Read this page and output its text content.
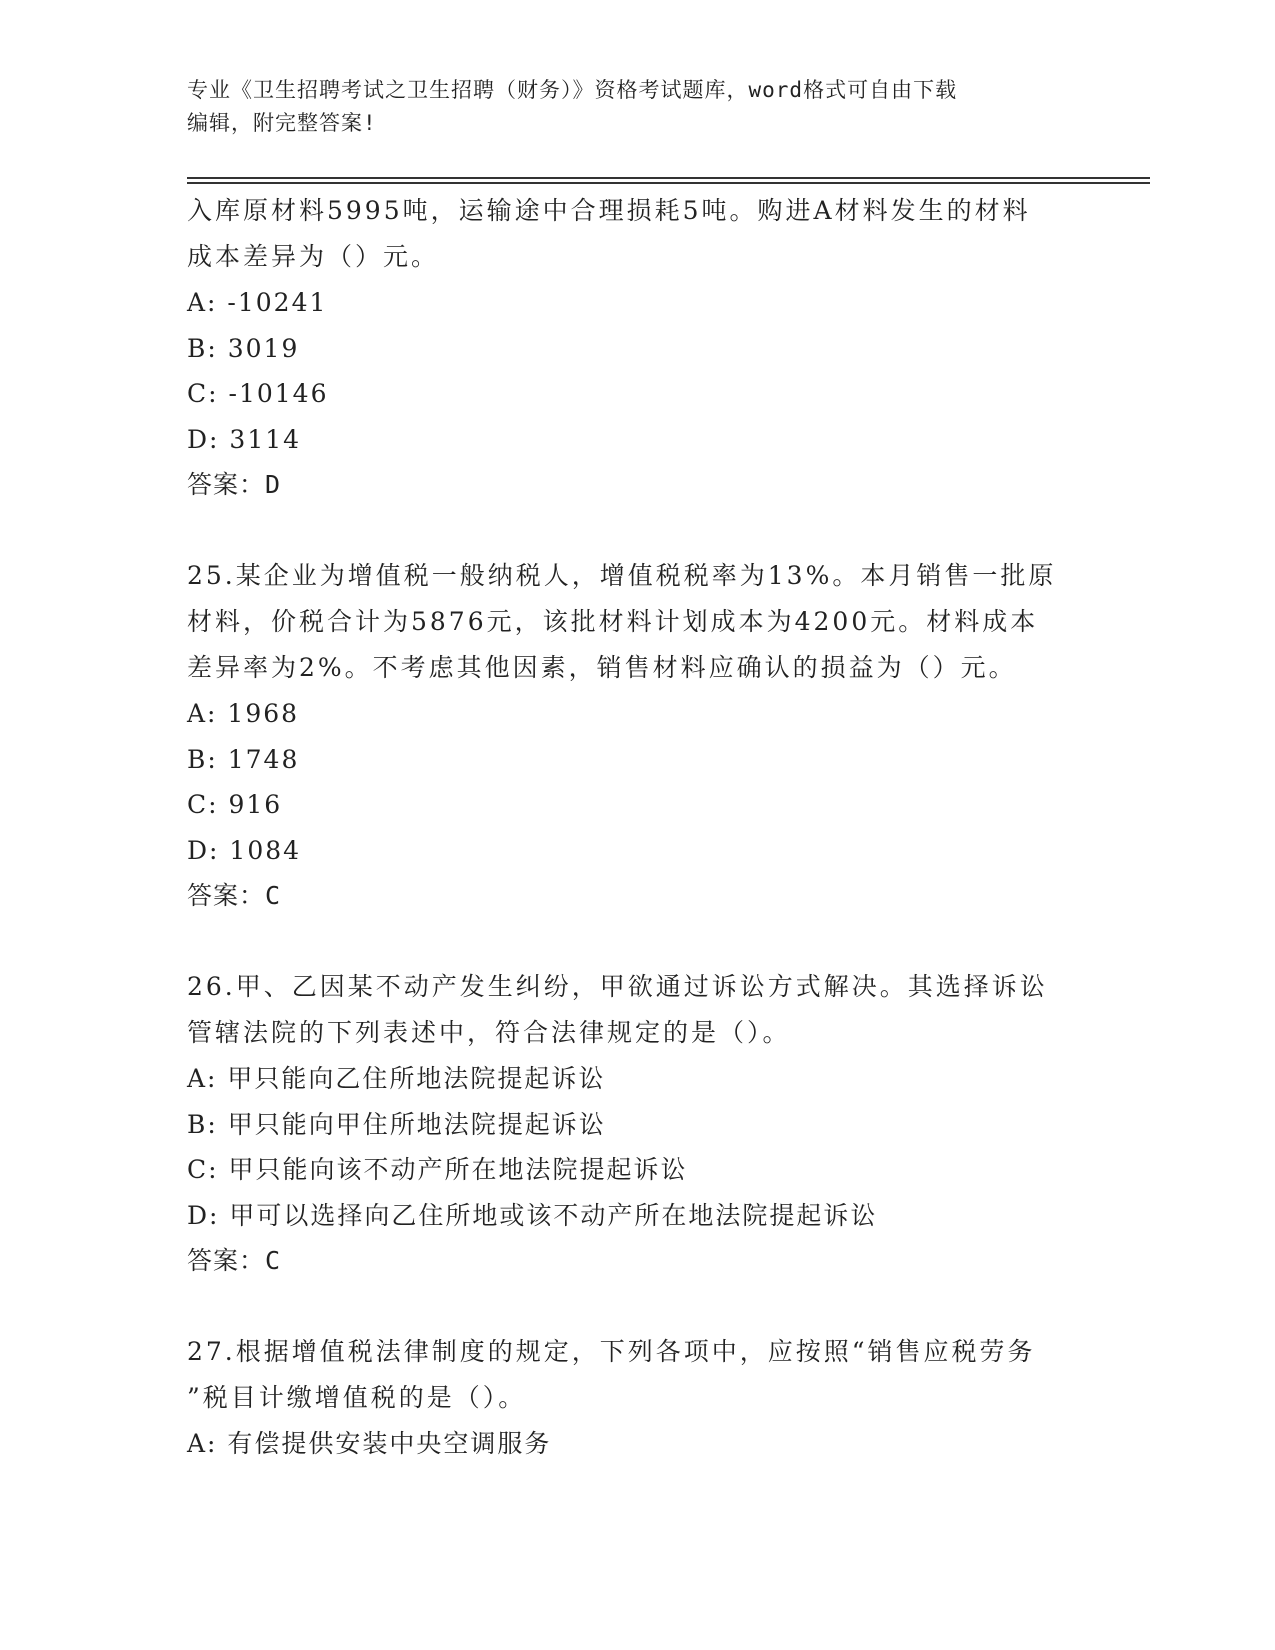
专业《卫生招聘考试之卫生招聘（财务）》资格考试题库，word格式可自由下载
编辑，附完整答案!
入库原材料5995吨，运输途中合理损耗5吨。购进A材料发生的材料
成本差异为（）元。
A: -10241
B: 3019
C: -10146
D: 3114
答案：D
25.某企业为增值税一般纳税人，增值税税率为13%。本月销售一批原
材料，价税合计为5876元，该批材料计划成本为4200元。材料成本
差异率为2%。不考虑其他因素，销售材料应确认的损益为（）元。
A: 1968
B: 1748
C: 916
D: 1084
答案：C
26.甲、乙因某不动产发生纠纷，甲欲通过诉讼方式解决。其选择诉讼
管辖法院的下列表述中，符合法律规定的是（）。
A: 甲只能向乙住所地法院提起诉讼
B: 甲只能向甲住所地法院提起诉讼
C: 甲只能向该不动产所在地法院提起诉讼
D: 甲可以选择向乙住所地或该不动产所在地法院提起诉讼
答案：C
27.根据增值税法律制度的规定，下列各项中，应按照“销售应税劳务
”税目计缴增值税的是（）。
A: 有偿提供安装中央空调服务
